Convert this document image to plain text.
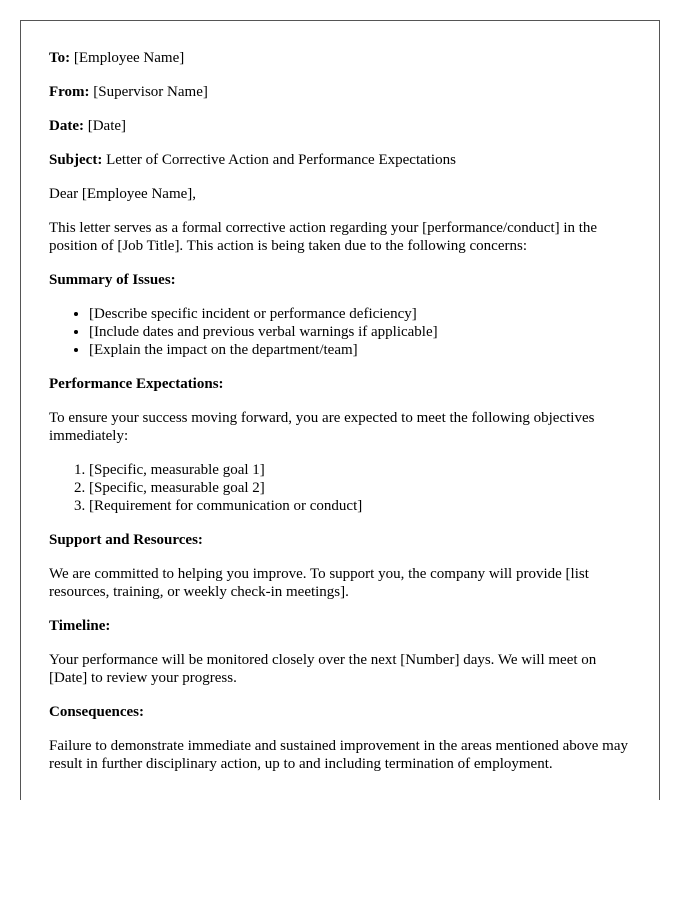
To: [Employee Name]

From: [Supervisor Name]

Date: [Date]

Subject: Letter of Corrective Action and Performance Expectations

Dear [Employee Name],

This letter serves as a formal corrective action regarding your [performance/conduct] in the position of [Job Title]. This action is being taken due to the following concerns:

Summary of Issues:

• [Describe specific incident or performance deficiency]
• [Include dates and previous verbal warnings if applicable]
• [Explain the impact on the department/team]

Performance Expectations:

To ensure your success moving forward, you are expected to meet the following objectives immediately:

1. [Specific, measurable goal 1]
2. [Specific, measurable goal 2]
3. [Requirement for communication or conduct]

Support and Resources:

We are committed to helping you improve. To support you, the company will provide [list resources, training, or weekly check-in meetings].

Timeline:

Your performance will be monitored closely over the next [Number] days. We will meet on [Date] to review your progress.

Consequences:

Failure to demonstrate immediate and sustained improvement in the areas mentioned above may result in further disciplinary action, up to and including termination of employment.
